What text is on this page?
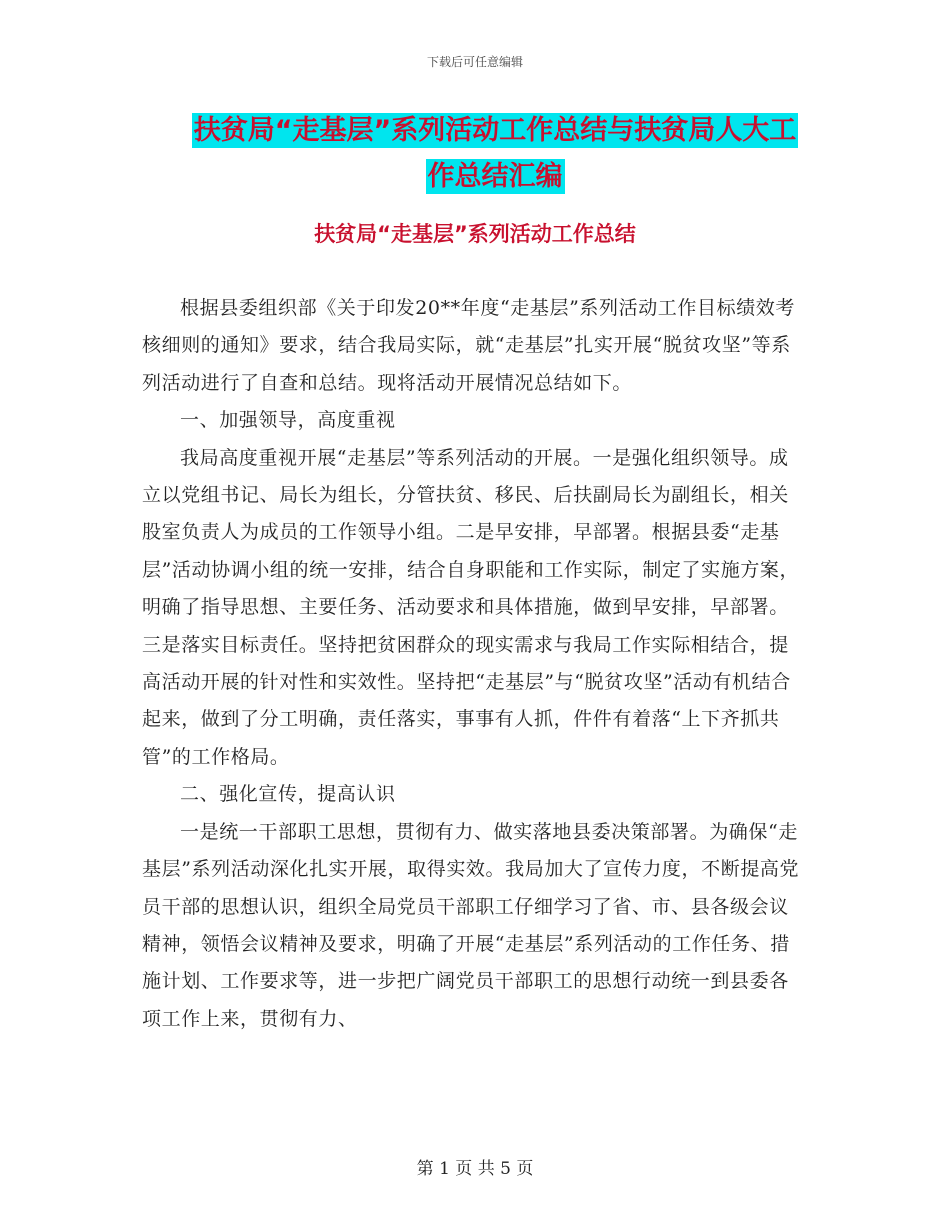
下载后可任意编辑
扶贫局“走基层”系列活动工作总结与扶贫局人大工
作总结汇编
扶贫局“走基层”系列活动工作总结

根据县委组织部《关于印发20**年度“走基层”系列活动工作目标绩效考核细则的通知》要求，结合我局实际，就“走基层”扎实开展“脱贫攻坚”等系列活动进行了自查和总结。现将活动开展情况总结如下。

一、加强领导，高度重视

我局高度重视开展“走基层”等系列活动的开展。一是强化组织领导。成立以党组书记、局长为组长，分管扶贫、移民、后扶副局长为副组长，相关股室负责人为成员的工作领导小组。二是早安排，早部署。根据县委“走基层”活动协调小组的统一安排，结合自身职能和工作实际，制定了实施方案，明确了指导思想、主要任务、活动要求和具体措施，做到早安排，早部署。三是落实目标责任。坚持把贫困群众的现实需求与我局工作实际相结合，提高活动开展的针对性和实效性。坚持把“走基层”与“脱贫攻坚”活动有机结合起来，做到了分工明确，责任落实，事事有人抓，件件有着落“上下齐抓共管”的工作格局。

二、强化宣传，提高认识

一是统一干部职工思想，贯彻有力、做实落地县委决策部署。为确保“走基层”系列活动深化扎实开展，取得实效。我局加大了宣传力度，不断提高党员干部的思想认识，组织全局党员干部职工仔细学习了省、市、县各级会议精神，领悟会议精神及要求，明确了开展“走基层”系列活动的工作任务、措施计划、工作要求等，进一步把广阔党员干部职工的思想行动统一到县委各项工作上来，贯彻有力、

第 1 页 共 5 页
